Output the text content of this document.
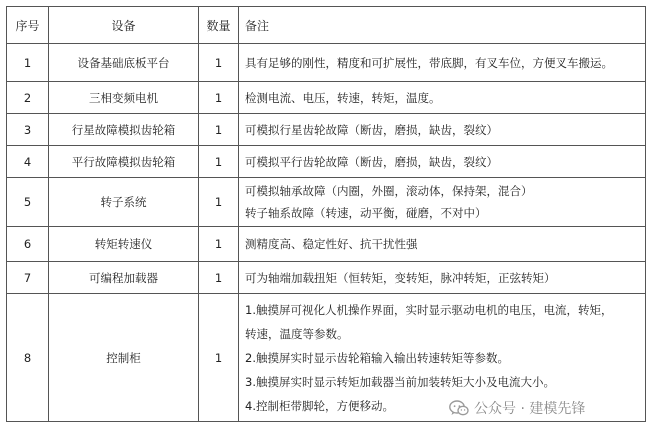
序号	设备	数量	备注
1	设备基础底板平台	1	具有足够的刚性，精度和可扩展性，带底脚，有叉车位，方便叉车搬运。

2	三相变频电机	1	检测电流、电压，转速，转矩，温度。

3	行星故障模拟齿轮箱	1	可模拟行星齿轮故障（断齿，磨损，缺齿，裂纹）

4	平行故障模拟齿轮箱	1	可模拟平行齿轮故障（断齿，磨损，缺齿，裂纹）

5	转子系统	1	可模拟轴承故障（内圈，外圈，滚动体，保持架，混合）
转子轴系故障（转速，动平衡，碰磨，不对中）

6	转矩转速仪	1	测精度高、稳定性好、抗干扰性强

7	可编程加载器	1	可为轴端加载扭矩（恒转矩，变转矩，脉冲转矩，正弦转矩）

8	控制柜	1	1.触摸屏可视化人机操作界面，实时显示驱动电机的电压，电流，转矩，
转速，温度等参数。
2.触摸屏实时显示齿轮箱输入输出转速转矩等参数。
3.触摸屏实时显示转矩加载器当前加装转矩大小及电流大小。
4.控制柜带脚轮，方便移动。	公众号 · 建模先锋
